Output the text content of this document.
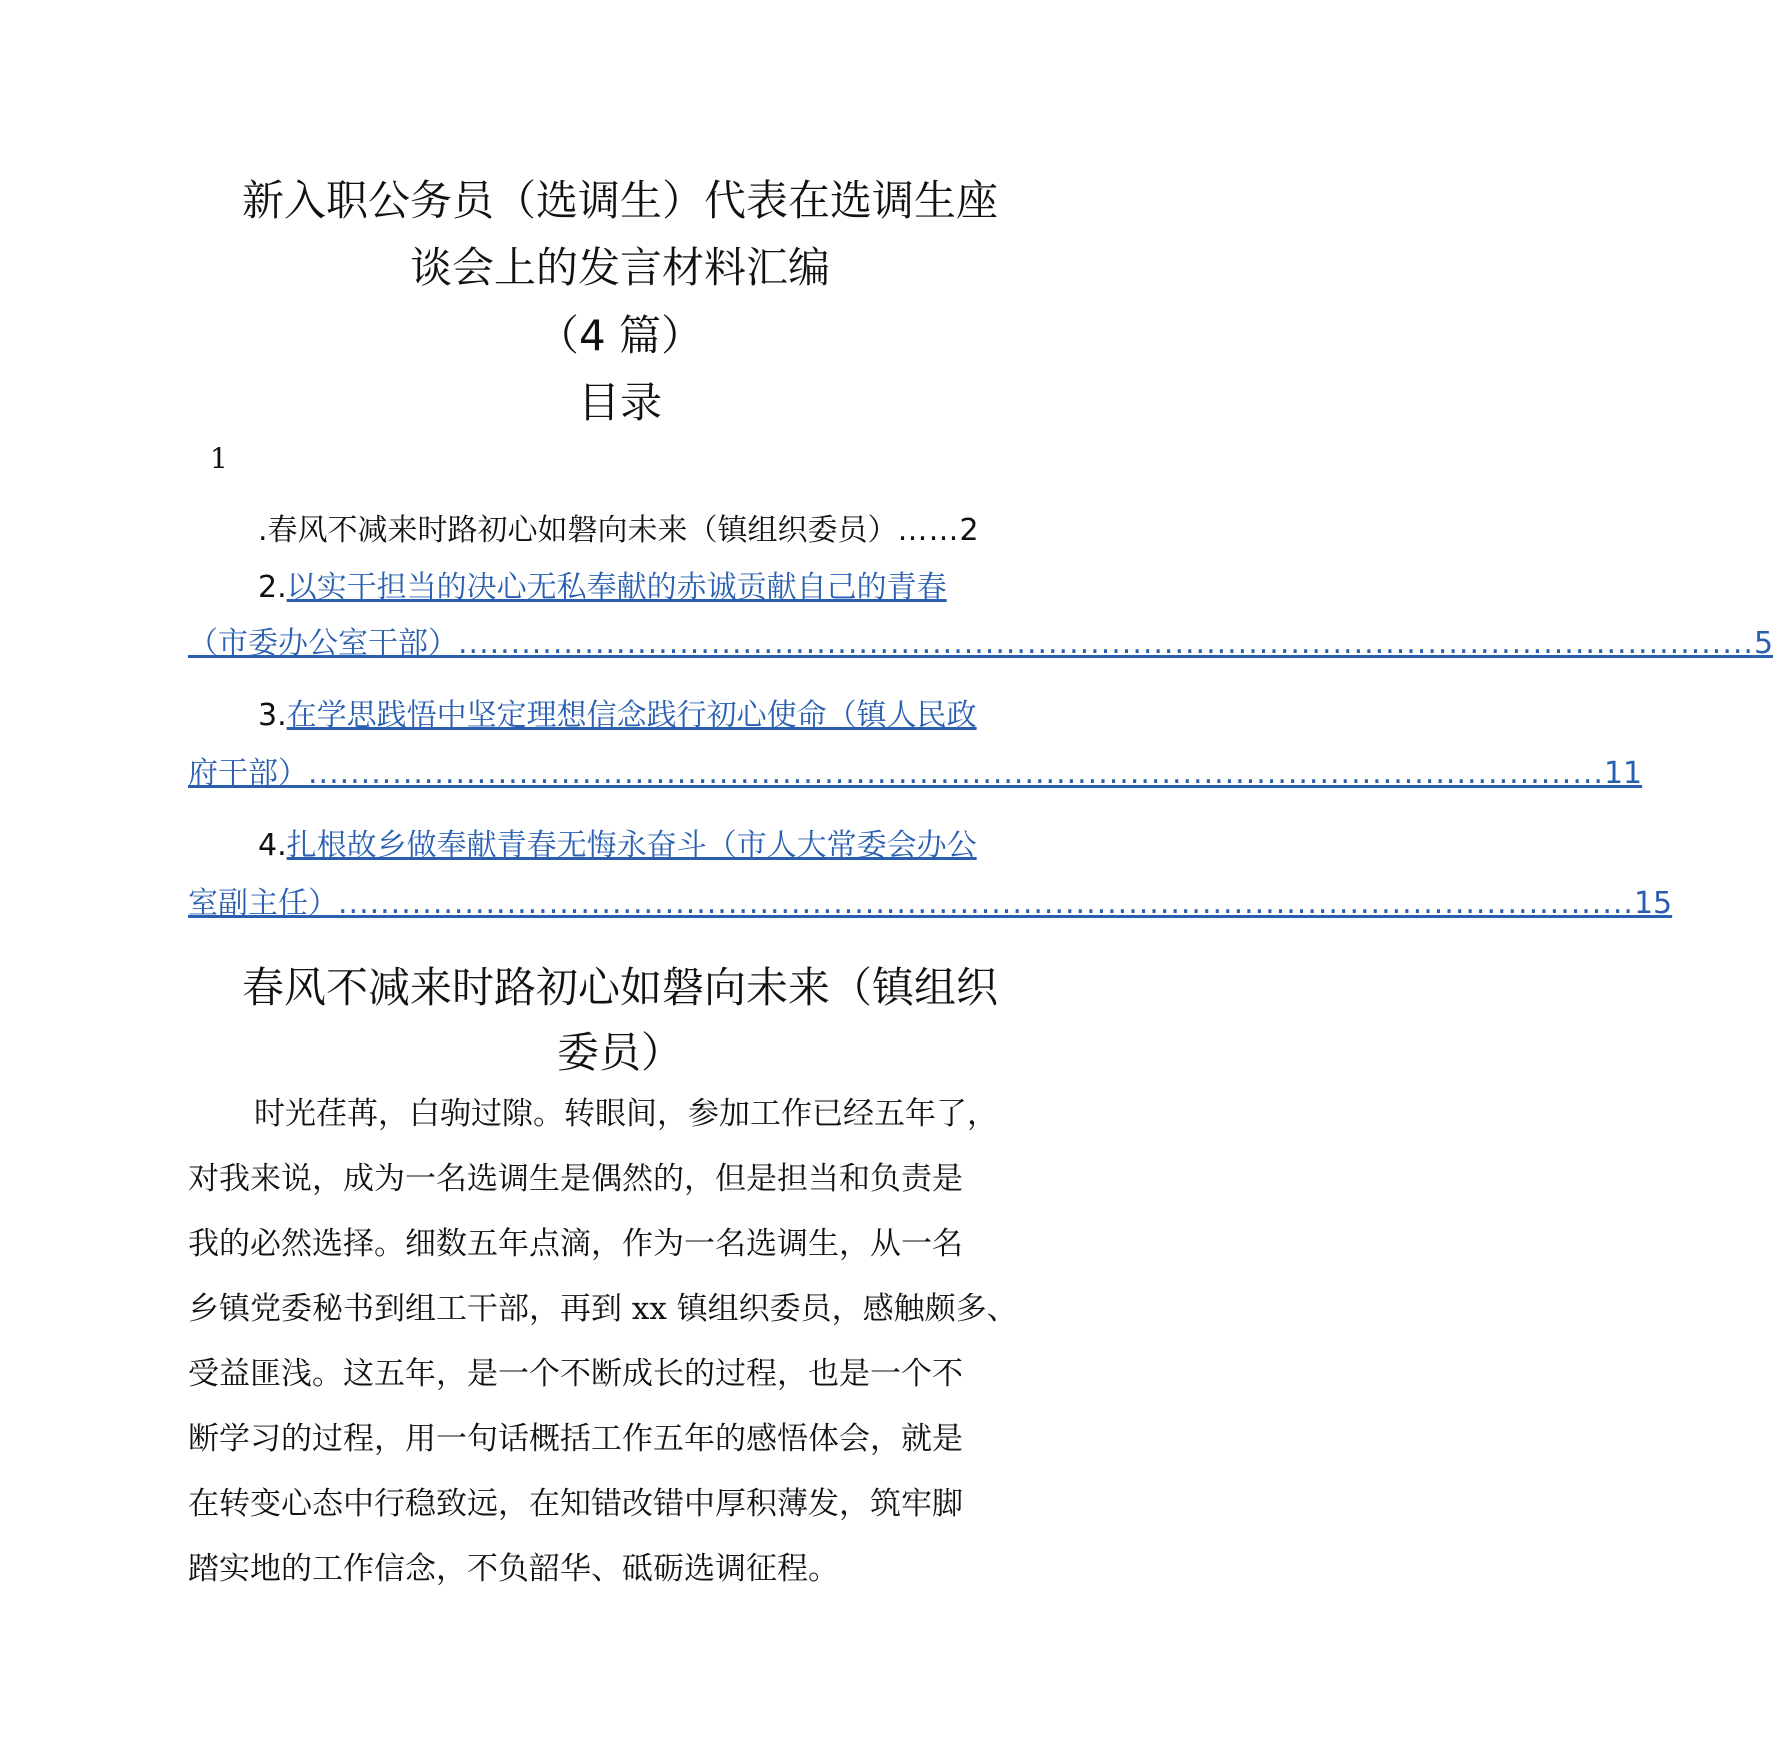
新入职公务员（选调生）代表在选调生座
谈会上的发言材料汇编
（4 篇）
目录
1
.春风不减来时路初心如磐向未来（镇组织委员）……2
2.以实干担当的决心无私奉献的赤诚贡献自己的青春
（市委办公室干部） ........................................................................................................................... 5
3.在学思践悟中坚定理想信念践行初心使命（镇人民政
府干部） ........................................................................................................................... 11
4.扎根故乡做奉献青春无悔永奋斗（市人大常委会办公
室副主任） ........................................................................................................................... 15
春风不减来时路初心如磐向未来（镇组织
委员）
时光荏苒，白驹过隙。转眼间，参加工作已经五年了，
对我来说，成为一名选调生是偶然的，但是担当和负责是
我的必然选择。细数五年点滴，作为一名选调生，从一名
乡镇党委秘书到组工干部，再到 xx 镇组织委员，感触颇多、
受益匪浅。这五年，是一个不断成长的过程，也是一个不
断学习的过程，用一句话概括工作五年的感悟体会，就是
在转变心态中行稳致远，在知错改错中厚积薄发，筑牢脚
踏实地的工作信念，不负韶华、砥砺选调征程。
